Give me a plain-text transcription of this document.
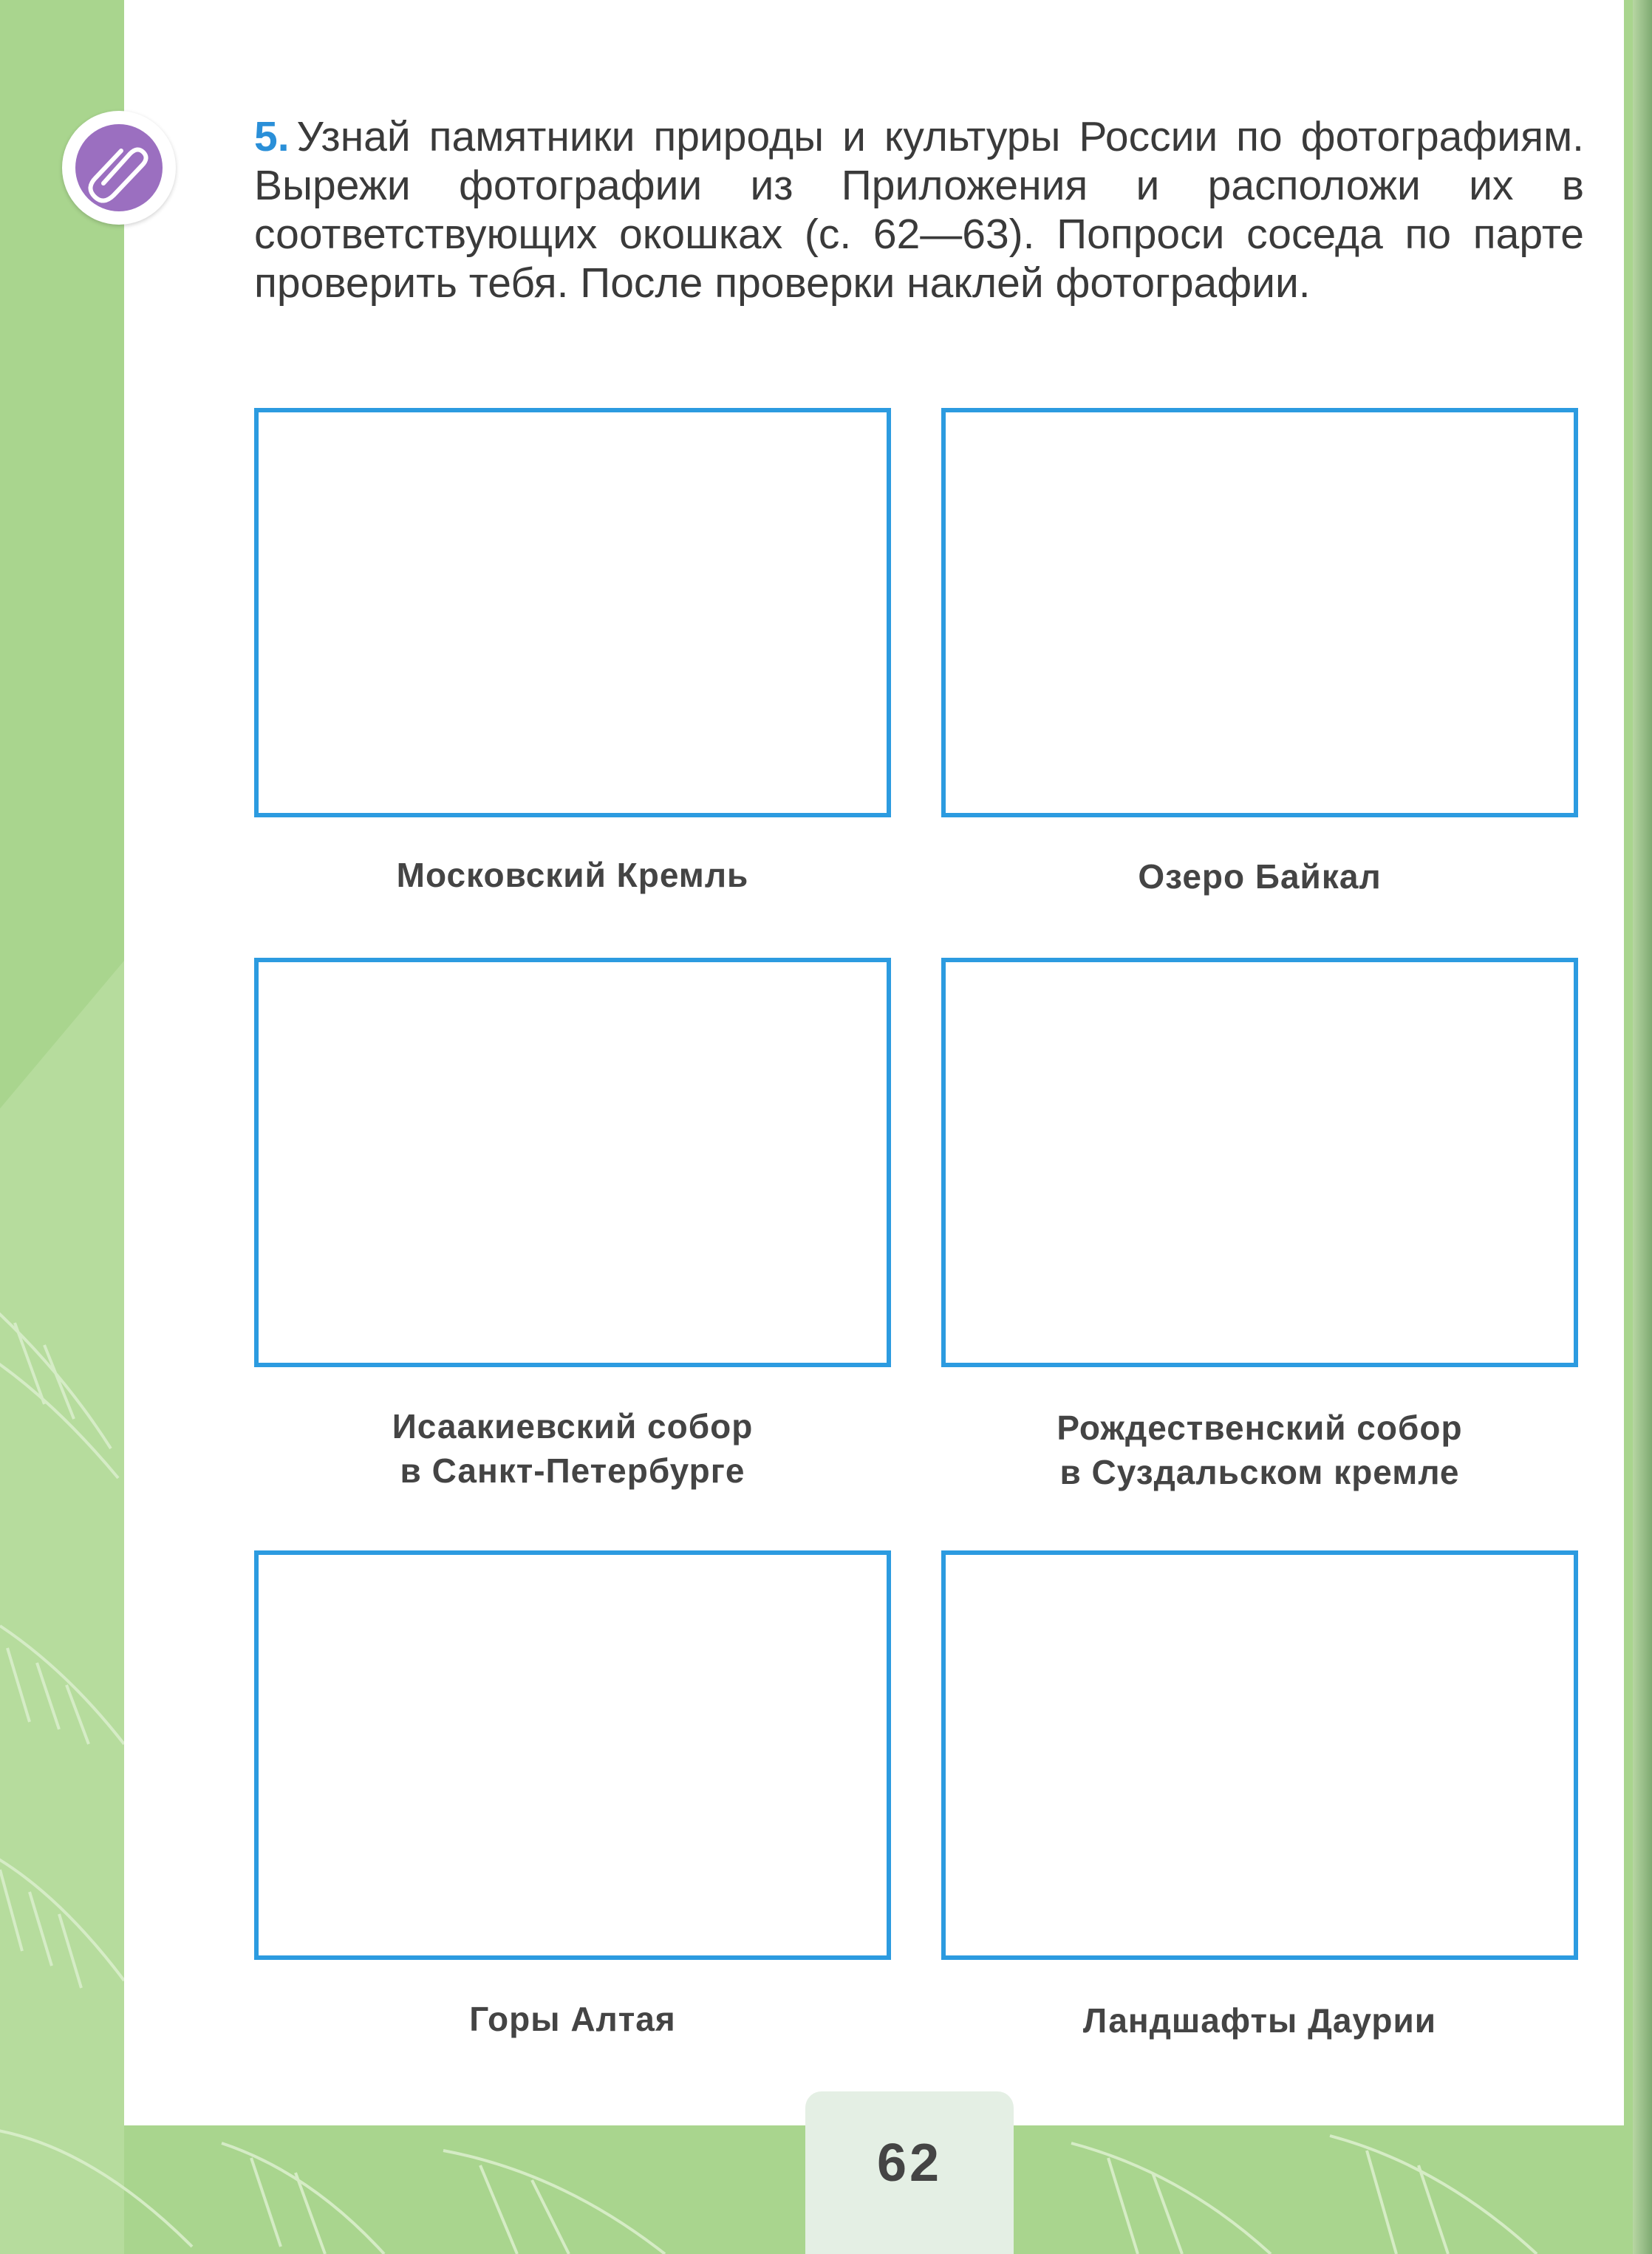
5. Узнай памятники природы и культуры России по фотографиям. Вырежи фотографии из Приложения и расположи их в соответствующих окошках (с. 62—63). Попроси соседа по парте проверить тебя. После проверки наклей фотографии.
Московский Кремль	Озеро Байкал
Исаакиевский собор
в Санкт-Петербурге
Рождественский собор
в Суздальском кремле
Горы Алтая	Ландшафты Даурии
62
